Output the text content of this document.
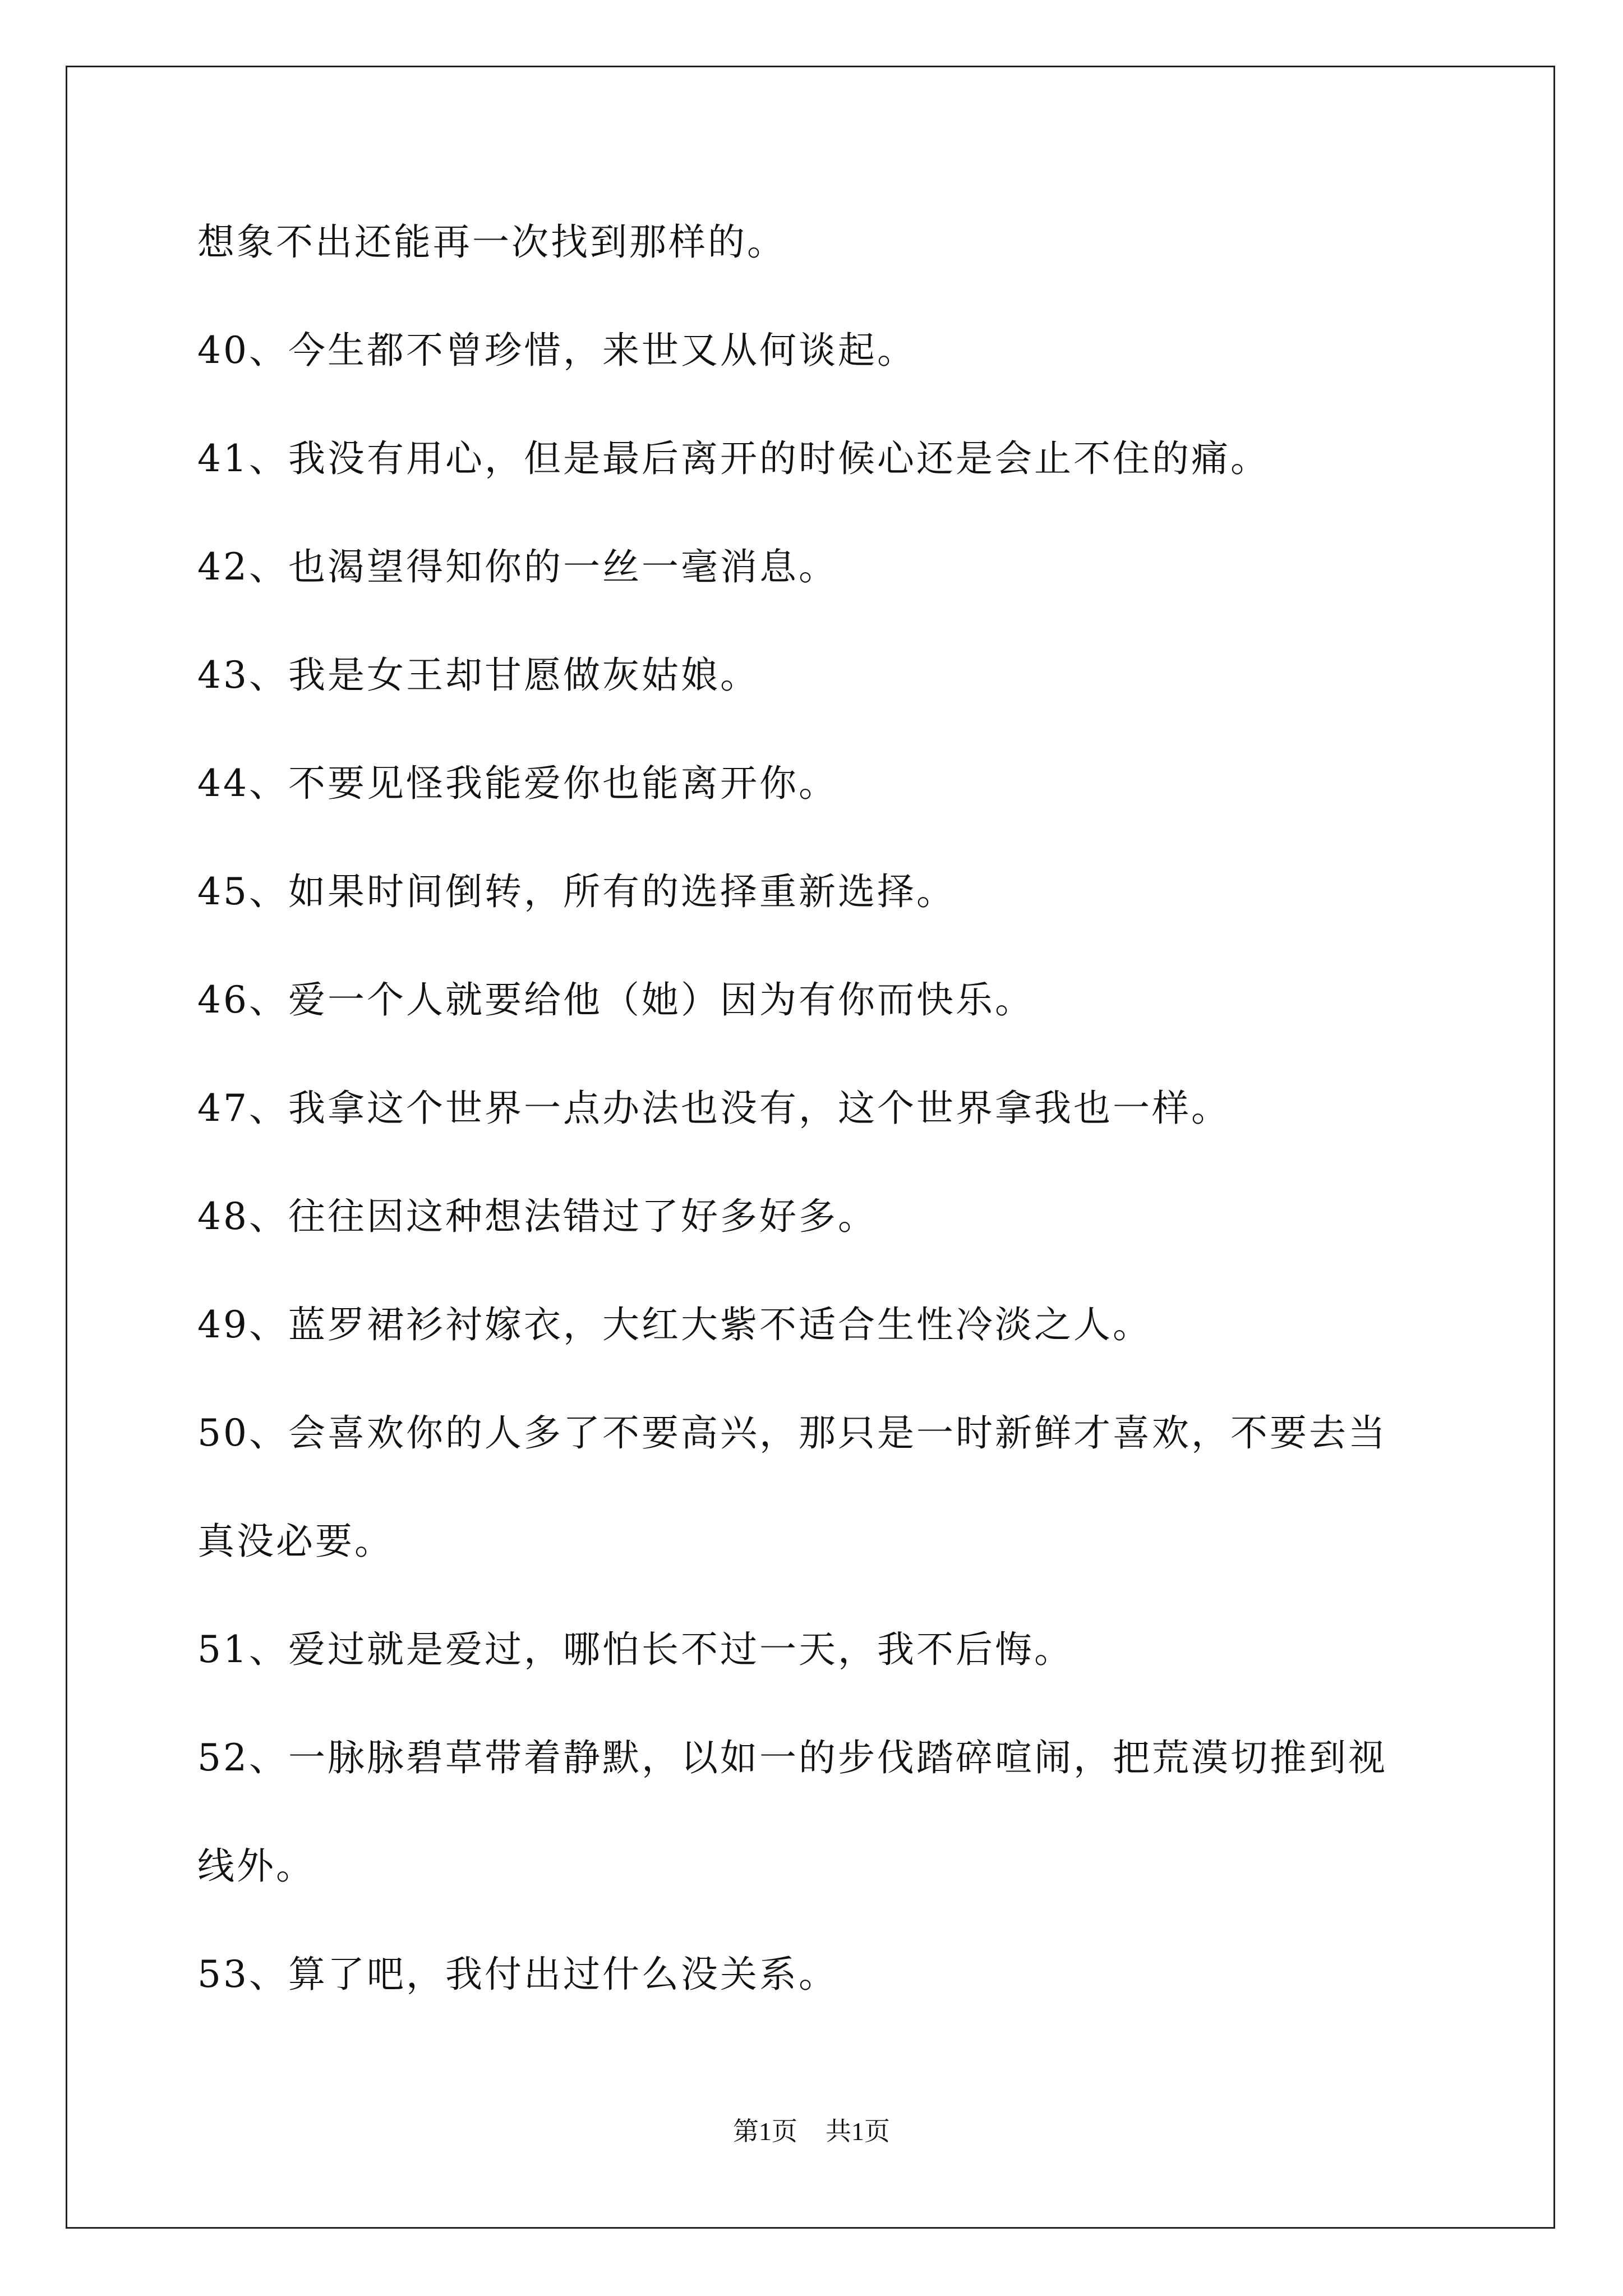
想象不出还能再一次找到那样的。
40、今生都不曾珍惜，来世又从何谈起。
41、我没有用心，但是最后离开的时候心还是会止不住的痛。
42、也渴望得知你的一丝一毫消息。
43、我是女王却甘愿做灰姑娘。
44、不要见怪我能爱你也能离开你。
45、如果时间倒转，所有的选择重新选择。
46、爱一个人就要给他（她）因为有你而快乐。
47、我拿这个世界一点办法也没有，这个世界拿我也一样。
48、往往因这种想法错过了好多好多。
49、蓝罗裙衫衬嫁衣，大红大紫不适合生性冷淡之人。
50、会喜欢你的人多了不要高兴，那只是一时新鲜才喜欢，不要去当
真没必要。
51、爱过就是爱过，哪怕长不过一天，我不后悔。
52、一脉脉碧草带着静默，以如一的步伐踏碎喧闹，把荒漠切推到视
线外。
53、算了吧，我付出过什么没关系。
第1页 共1页
